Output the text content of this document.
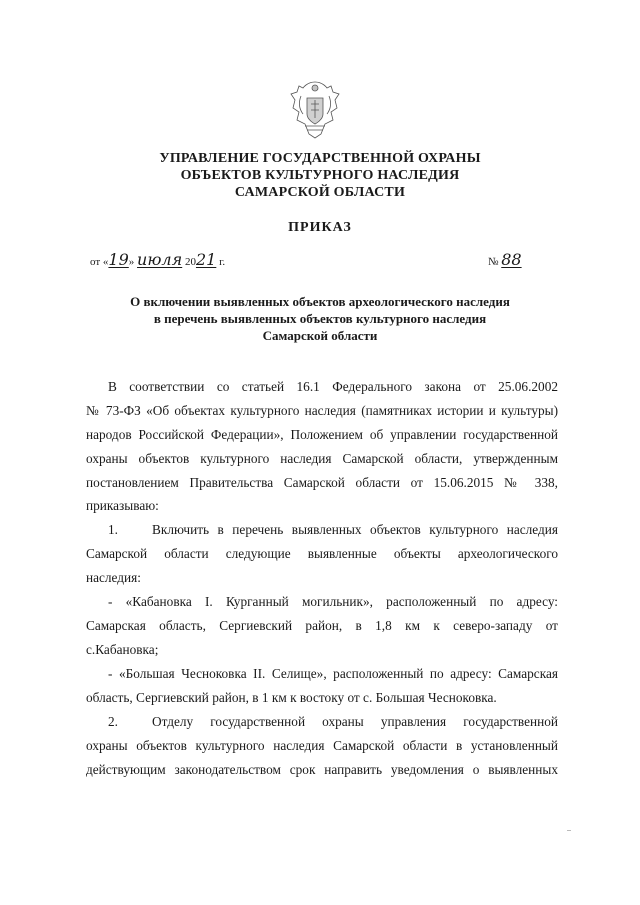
УПРАВЛЕНИЕ ГОСУДАРСТВЕННОЙ ОХРАНЫ
ОБЪЕКТОВ КУЛЬТУРНОГО НАСЛЕДИЯ
САМАРСКОЙ ОБЛАСТИ
ПРИКАЗ
от «19» июля 2021 г.	№ 88
О включении выявленных объектов археологического наследия
в перечень выявленных объектов культурного наследия
Самарской области
В соответствии со статьей 16.1 Федерального закона от 25.06.2002
№ 73-ФЗ «Об объектах культурного наследия (памятниках истории и культуры)
народов Российской Федерации», Положением об управлении государственной
охраны объектов культурного наследия Самарской области, утвержденным
постановлением Правительства Самарской области от 15.06.2015 № 338,
приказываю:
1.	Включить в перечень выявленных объектов культурного наследия
Самарской области следующие выявленные объекты археологического
наследия:
- «Кабановка I. Курганный могильник», расположенный по адресу:
Самарская область, Сергиевский район, в 1,8 км к северо-западу от
с.Кабановка;
- «Большая Чесноковка II. Селище», расположенный по адресу: Самарская
область, Сергиевский район, в 1 км к востоку от с. Большая Чесноковка.
2.	Отделу государственной охраны управления государственной
охраны объектов культурного наследия Самарской области в установленный
действующим законодательством срок направить уведомления о выявленных
